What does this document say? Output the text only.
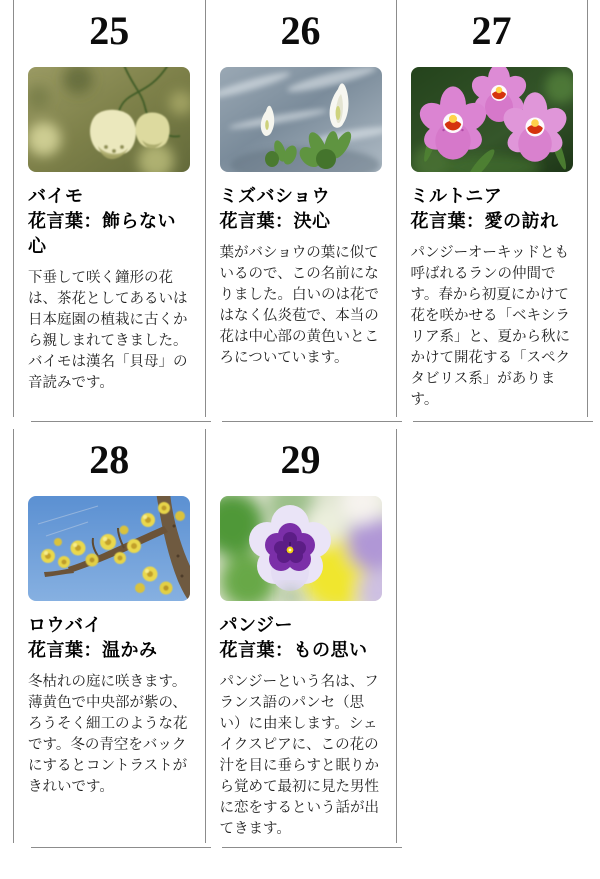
25
バイモ
花言葉：飾らない心

下垂して咲く鐘形の花は、茶花としてあるいは日本庭園の植栽に古くから親しまれてきました。バイモは漢名「貝母」の音読みです。

26
ミズバショウ
花言葉：決心

葉がバショウの葉に似ているので、この名前になりました。白いのは花ではなく仏炎苞で、本当の花は中心部の黄色いところについています。

27
ミルトニア
花言葉：愛の訪れ

パンジーオーキッドとも呼ばれるランの仲間です。春から初夏にかけて花を咲かせる「ベキシラリア系」と、夏から秋にかけて開花する「スペクタビリス系」があります。

28
ロウバイ
花言葉：温かみ

冬枯れの庭に咲きます。薄黄色で中央部が紫の、ろうそく細工のような花です。冬の青空をバックにするとコントラストがきれいです。

29
パンジー
花言葉：もの思い

パンジーという名は、フランス語のパンセ（思い）に由来します。シェイクスピアに、この花の汁を目に垂らすと眠りから覚めて最初に見た男性に恋をするという話が出てきます。
